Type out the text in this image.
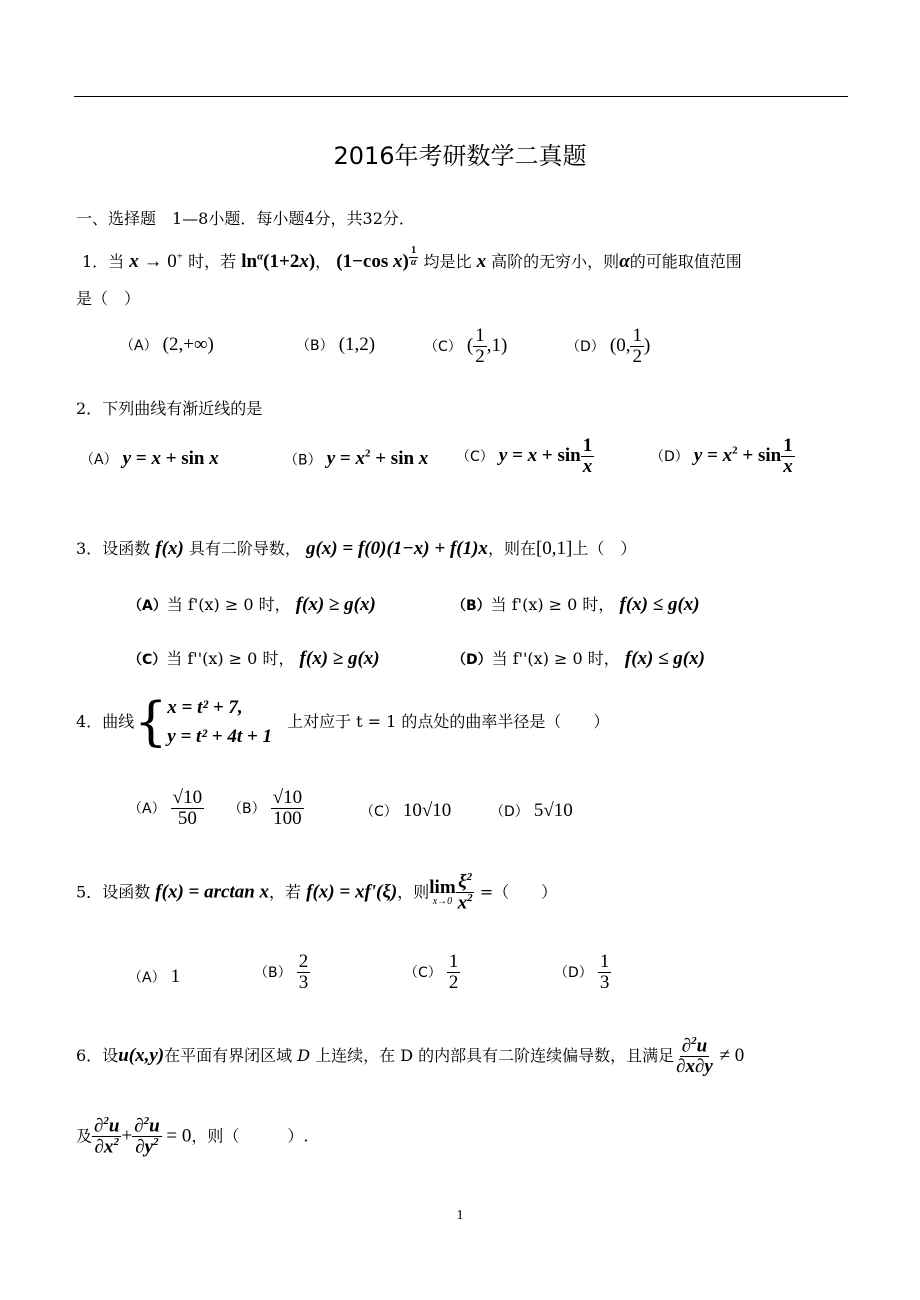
2016年考研数学二真题
一、选择题　1—8小题．每小题4分，共32分．
1．当 x → 0+ 时，若 $\ln^\alpha(1+2x)$， (1−cos x) $^{\frac{1}{\alpha}}$ 均是比 x 高阶的无穷小，则α的可能取值范围
是（　）
（A） (2,+∞)	（B） (1,2)	（C） ( $\frac{1}{2} ,1$)	（D） (0, $\frac{1}{2}$ )
2．下列曲线有渐近线的是
（A） y = x + sin x	（B） $y = x^2 + \sin x$ （C） $y = x + \sin \frac{1}{x}$	（D） $y = x^2 + \sin \frac{1}{x}$
3．设函数 f(x) 具有二阶导数， g(x) = f(0)(1−x) + f(1)x，则在[0,1]上（　）
（A）当 f'(x) ≥ 0 时， f(x) ≥ g(x)	（B）当 f'(x) ≥ 0 时， f(x) ≤ g(x)
（C）当 f''(x) ≥ 0 时， f(x) ≥ g(x)	（D）当 f''(x) ≥ 0 时， f(x) ≤ g(x)
4．曲线{ x = t² + 7,
y = t² + 4t + 1
上对应于 t = 1 的点处的曲率半径是（　　）
$(A) \frac{√10}{50} (B) \frac{√10}{100}$	（C） 10√10	（D） 5√10
5．设函数 f(x) = arctan x，若 f(x) = xf'(ξ)，则lim
$x\to 0 \frac{\xi^2}{x^2}$ =（　　）
（A） 1	$(B) \frac{2}{3}$	$(C) \frac{1}{2}$	$(D) \frac{1}{3}$
6．设u(x,y)在平面有界闭区域 D 上连续，在 D 的内部具有二阶连续偏导数，且满足 $\frac{\partial^2u}{\partial x\partial y} \ne 0$
及 $\frac{\partial^2u}{\partial x^2} + \frac{\partial^2u}{\partial y^2} = 0$，则（　　　）.
1
